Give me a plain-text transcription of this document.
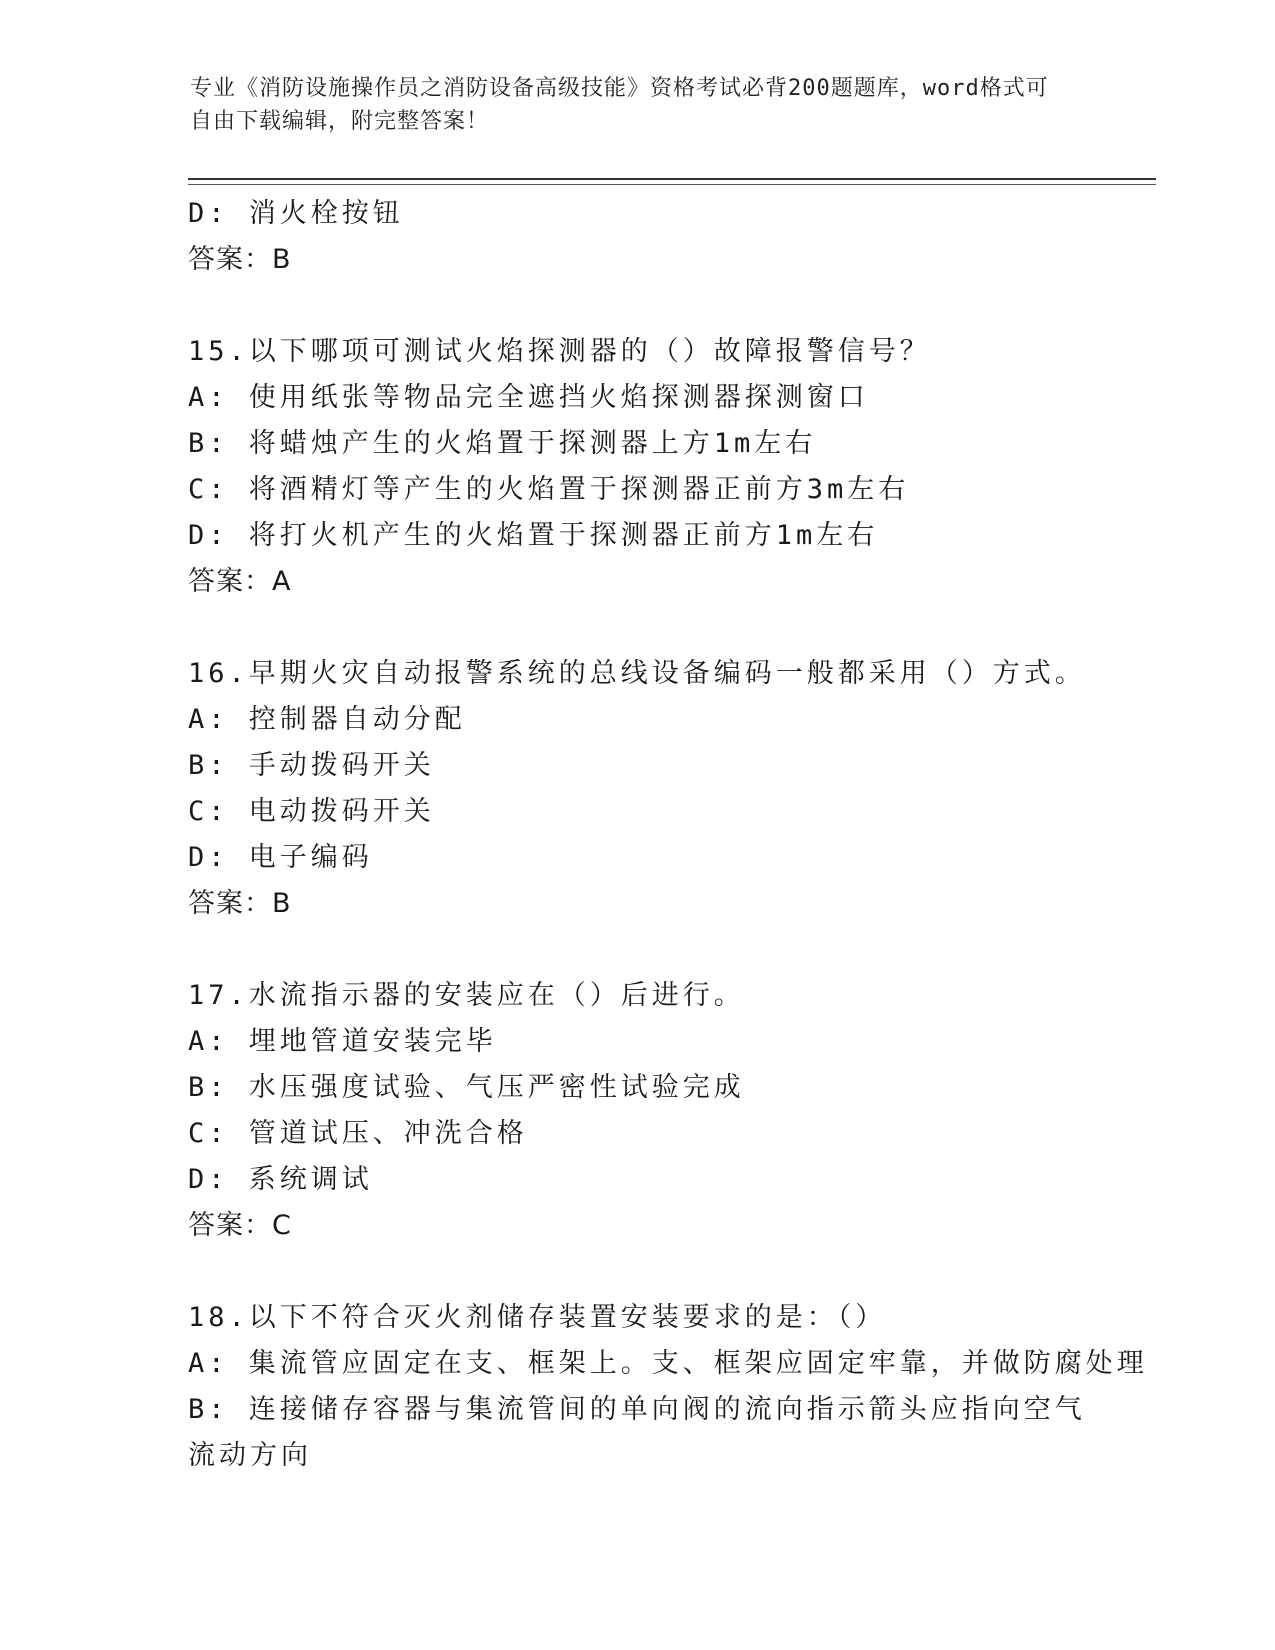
专业《消防设施操作员之消防设备高级技能》资格考试必背200题题库，word格式可自由下载编辑，附完整答案！
D: 消火栓按钮
答案：B
15.以下哪项可测试火焰探测器的（）故障报警信号？
A: 使用纸张等物品完全遮挡火焰探测器探测窗口
B: 将蜡烛产生的火焰置于探测器上方1m左右
C: 将酒精灯等产生的火焰置于探测器正前方3m左右
D: 将打火机产生的火焰置于探测器正前方1m左右
答案：A
16.早期火灾自动报警系统的总线设备编码一般都采用（）方式。
A: 控制器自动分配
B: 手动拨码开关
C: 电动拨码开关
D: 电子编码
答案：B
17.水流指示器的安装应在（）后进行。
A: 埋地管道安装完毕
B: 水压强度试验、气压严密性试验完成
C: 管道试压、冲洗合格
D: 系统调试
答案：C
18.以下不符合灭火剂储存装置安装要求的是：（）
A: 集流管应固定在支、框架上。支、框架应固定牢靠，并做防腐处理
B: 连接储存容器与集流管间的单向阀的流向指示箭头应指向空气流动方向
